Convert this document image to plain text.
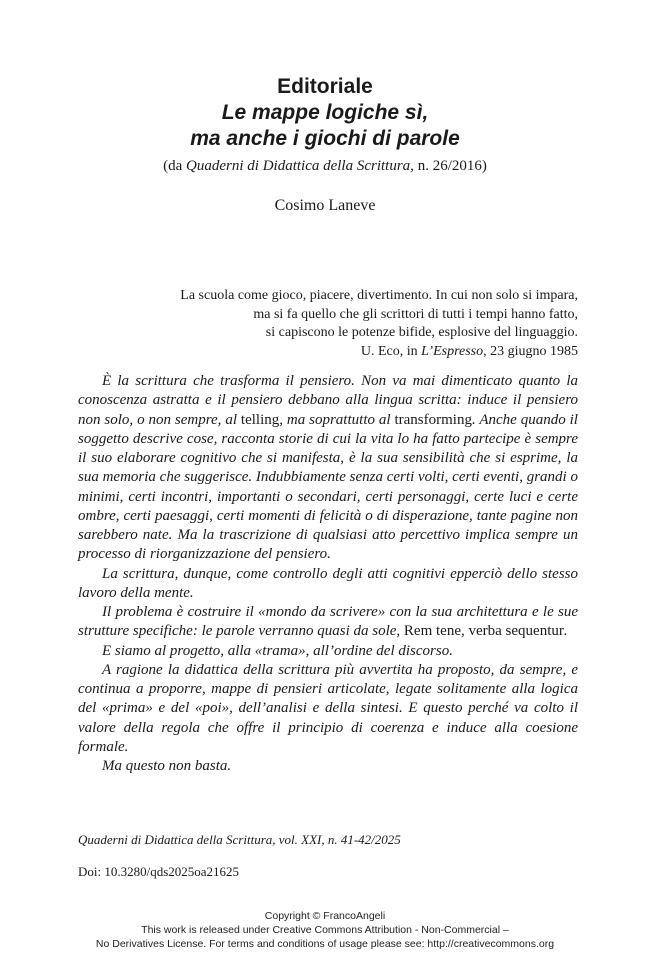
Editoriale
Le mappe logiche sì,
ma anche i giochi di parole
(da Quaderni di Didattica della Scrittura, n. 26/2016)
Cosimo Laneve
La scuola come gioco, piacere, divertimento. In cui non solo si impara,
ma si fa quello che gli scrittori di tutti i tempi hanno fatto,
si capiscono le potenze bifide, esplosive del linguaggio.
U. Eco, in L’Espresso, 23 giugno 1985

È la scrittura che trasforma il pensiero. Non va mai dimenticato quanto la conoscenza astratta e il pensiero debbano alla lingua scritta: induce il pensiero non solo, o non sempre, al telling, ma soprattutto al transforming. Anche quando il soggetto descrive cose, racconta storie di cui la vita lo ha fatto partecipe è sempre il suo elaborare cognitivo che si manifesta, è la sua sensibilità che si esprime, la sua memoria che suggerisce. Indubbiamente senza certi volti, certi eventi, grandi o minimi, certi incontri, importanti o secondari, certi personaggi, certe luci e certe ombre, certi paesaggi, certi momenti di felicità o di disperazione, tante pagine non sarebbero nate. Ma la trascrizione di qualsiasi atto percettivo implica sempre un processo di riorganizzazione del pensiero.

La scrittura, dunque, come controllo degli atti cognitivi epperciò dello stesso lavoro della mente.

Il problema è costruire il «mondo da scrivere» con la sua architettura e le sue strutture specifiche: le parole verranno quasi da sole, Rem tene, verba sequentur.

E siamo al progetto, alla «trama», all’ordine del discorso.

A ragione la didattica della scrittura più avvertita ha proposto, da sempre, e continua a proporre, mappe di pensieri articolate, legate solitamente alla logica del «prima» e del «poi», dell’analisi e della sintesi. E questo perché va colto il valore della regola che offre il principio di coerenza e induce alla coesione formale.

Ma questo non basta.

Quaderni di Didattica della Scrittura, vol. XXI, n. 41-42/2025
Doi: 10.3280/qds2025oa21625
Copyright © FrancoAngeli
This work is released under Creative Commons Attribution - Non-Commercial –
No Derivatives License. For terms and conditions of usage please see: http://creativecommons.org
